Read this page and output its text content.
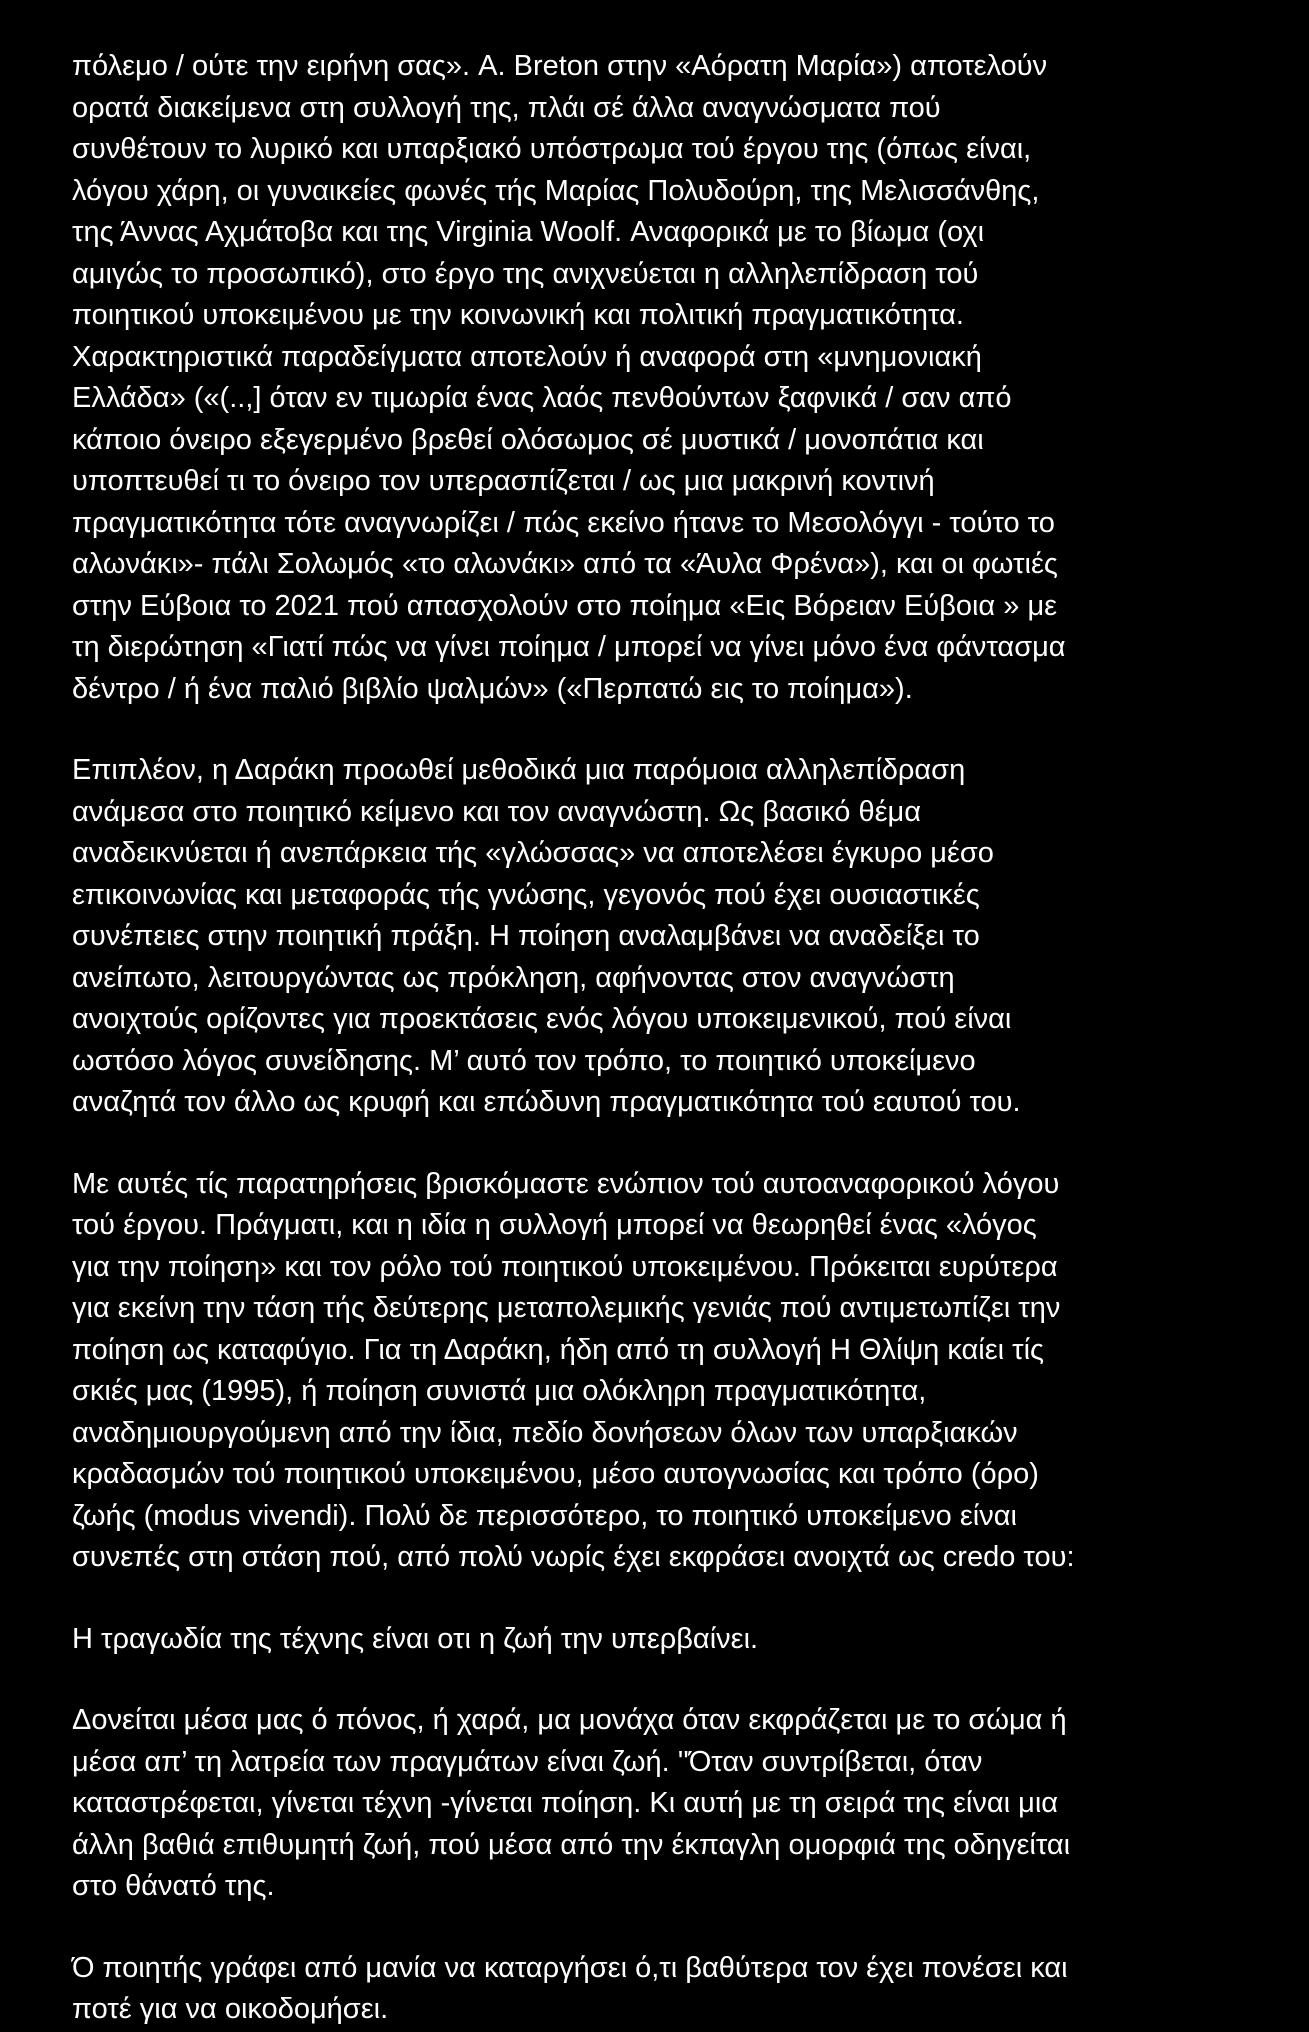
πόλεμο / ούτε την ειρήνη σας». A. Breton στην «Αόρατη Μαρία») αποτελούν
ορατά διακείμενα στη συλλογή της, πλάι σέ άλλα αναγνώσματα πού
συνθέτουν το λυρικό και υπαρξιακό υπόστρωμα τού έργου της (όπως είναι,
λόγου χάρη, οι γυναικείες φωνές τής Μαρίας Πολυδούρη, της Μελισσάνθης,
της Άννας Αχμάτοβα και της Virginia Woolf. Αναφορικά με το βίωμα (οχι
αμιγώς το προσωπικό), στο έργο της ανιχνεύεται η αλληλεπίδραση τού
ποιητικού υποκειμένου με την κοινωνική και πολιτική πραγματικότητα.
Χαρακτηριστικά παραδείγματα αποτελούν ή αναφορά στη «μνημονιακή
Ελλάδα» («(..,] όταν εν τιμωρία ένας λαός πενθούντων ξαφνικά / σαν από
κάποιο όνειρο εξεγερμένο βρεθεί ολόσωμος σέ μυστικά / μονοπάτια και
υποπτευθεί τι το όνειρο τον υπερασπίζεται / ως μια μακρινή κοντινή
πραγματικότητα τότε αναγνωρίζει / πώς εκείνο ήτανε το Μεσολόγγι - τούτο το
αλωνάκι»- πάλι Σολωμός «το αλωνάκι» από τα «Άυλα Φρένα»), και οι φωτιές
στην Εύβοια το 2021 πού απασχολούν στο ποίημα «Εις Βόρειαν Εύβοια » με
τη διερώτηση «Γιατί πώς να γίνει ποίημα / μπορεί να γίνει μόνο ένα φάντασμα
δέντρο / ή ένα παλιό βιβλίο ψαλμών» («Περπατώ εις το ποίημα»).
Επιπλέον, η Δαράκη προωθεί μεθοδικά μια παρόμοια αλληλεπίδραση
ανάμεσα στο ποιητικό κείμενο και τον αναγνώστη. Ως βασικό θέμα
αναδεικνύεται ή ανεπάρκεια τής «γλώσσας» να αποτελέσει έγκυρο μέσο
επικοινωνίας και μεταφοράς τής γνώσης, γεγονός πού έχει ουσιαστικές
συνέπειες στην ποιητική πράξη. Η ποίηση αναλαμβάνει να αναδείξει το
ανείπωτο, λειτουργώντας ως πρόκληση, αφήνοντας στον αναγνώστη
ανοιχτούς ορίζοντες για προεκτάσεις ενός λόγου υποκειμενικού, πού είναι
ωστόσο λόγος συνείδησης. Μ’ αυτό τον τρόπο, το ποιητικό υποκείμενο
αναζητά τον άλλο ως κρυφή και επώδυνη πραγματικότητα τού εαυτού του.
Με αυτές τίς παρατηρήσεις βρισκόμαστε ενώπιον τού αυτοαναφορικού λόγου
τού έργου. Πράγματι, και η ιδία η συλλογή μπορεί να θεωρηθεί ένας «λόγος
για την ποίηση» και τον ρόλο τού ποιητικού υποκειμένου. Πρόκειται ευρύτερα
για εκείνη την τάση τής δεύτερης μεταπολεμικής γενιάς πού αντιμετωπίζει την
ποίηση ως καταφύγιο. Για τη Δαράκη, ήδη από τη συλλογή Η Θλίψη καίει τίς
σκιές μας (1995), ή ποίηση συνιστά μια ολόκληρη πραγματικότητα,
αναδημιουργούμενη από την ίδια, πεδίο δονήσεων όλων των υπαρξιακών
κραδασμών τού ποιητικού υποκειμένου, μέσο αυτογνωσίας και τρόπο (όρο)
ζωής (modus vivendi). Πολύ δε περισσότερο, το ποιητικό υποκείμενο είναι
συνεπές στη στάση πού, από πολύ νωρίς έχει εκφράσει ανοιχτά ως credo του:
Η τραγωδία της τέχνης είναι οτι η ζωή την υπερβαίνει.
Δονείται μέσα μας ό πόνος, ή χαρά, μα μονάχα όταν εκφράζεται με το σώμα ή
μέσα απ’ τη λατρεία των πραγμάτων είναι ζωή. ''Όταν συντρίβεται, όταν
καταστρέφεται, γίνεται τέχνη -γίνεται ποίηση. Κι αυτή με τη σειρά της είναι μια
άλλη βαθιά επιθυμητή ζωή, πού μέσα από την έκπαγλη ομορφιά της οδηγείται
στο θάνατό της.
Ό ποιητής γράφει από μανία να καταργήσει ό,τι βαθύτερα τον έχει πονέσει και
ποτέ για να οικοδομήσει.
